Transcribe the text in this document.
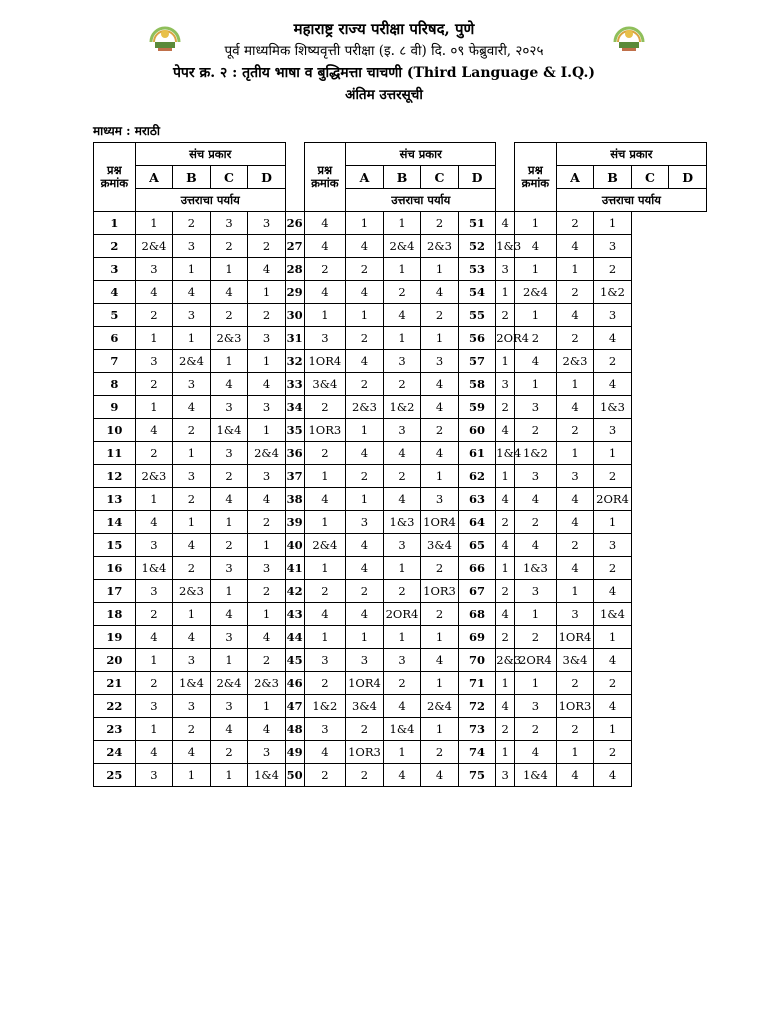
महाराष्ट्र राज्य परीक्षा परिषद, पुणे
पूर्व माध्यमिक शिष्यवृत्ती परीक्षा (इ. ८ वी) दि. ०९ फेब्रुवारी, २०२५
पेपर क्र. २ : तृतीय भाषा व बुद्धिमत्ता चाचणी (Third Language & I.Q.)
अंतिम उत्तरसूची
माध्यम : मराठी
प्रश्न
क्रमांक	संच प्रकार					प्रश्न
क्रमांक	संच प्रकार					प्रश्न
क्रमांक	संच प्रकार			
	A	B	C	D			A	B	C	D			A	B	C	D
	उत्तराचा पर्याय						उत्तराचा पर्याय						उत्तराचा पर्याय			
1	1	2	3	3	26	4	1	1	2	51	4	1	2	1		
2	2&4	3	2	2	27	4	4	2&4	2&3	52	1&3	4	4	3		
3	3	1	1	4	28	2	2	1	1	53	3	1	1	2		
4	4	4	4	1	29	4	4	2	4	54	1	2&4	2	1&2		
5	2	3	2	2	30	1	1	4	2	55	2	1	4	3		
6	1	1	2&3	3	31	3	2	1	1	56	2OR4	2	2	4		
7	3	2&4	1	1	32	1OR4	4	3	3	57	1	4	2&3	2		
8	2	3	4	4	33	3&4	2	2	4	58	3	1	1	4		
9	1	4	3	3	34	2	2&3	1&2	4	59	2	3	4	1&3		
10	4	2	1&4	1	35	1OR3	1	3	2	60	4	2	2	3		
11	2	1	3	2&4	36	2	4	4	4	61	1&4	1&2	1	1		
12	2&3	3	2	3	37	1	2	2	1	62	1	3	3	2		
13	1	2	4	4	38	4	1	4	3	63	4	4	4	2OR4		
14	4	1	1	2	39	1	3	1&3	1OR4	64	2	2	4	1		
15	3	4	2	1	40	2&4	4	3	3&4	65	4	4	2	3		
16	1&4	2	3	3	41	1	4	1	2	66	1	1&3	4	2		
17	3	2&3	1	2	42	2	2	2	1OR3	67	2	3	1	4		
18	2	1	4	1	43	4	4	2OR4	2	68	4	1	3	1&4		
19	4	4	3	4	44	1	1	1	1	69	2	2	1OR4	1		
20	1	3	1	2	45	3	3	3	4	70	2&3	2OR4	3&4	4		
21	2	1&4	2&4	2&3	46	2	1OR4	2	1	71	1	1	2	2		
22	3	3	3	1	47	1&2	3&4	4	2&4	72	4	3	1OR3	4		
23	1	2	4	4	48	3	2	1&4	1	73	2	2	2	1		
24	4	4	2	3	49	4	1OR3	1	2	74	1	4	1	2		
25	3	1	1	1&4	50	2	2	4	4	75	3	1&4	4	4		
